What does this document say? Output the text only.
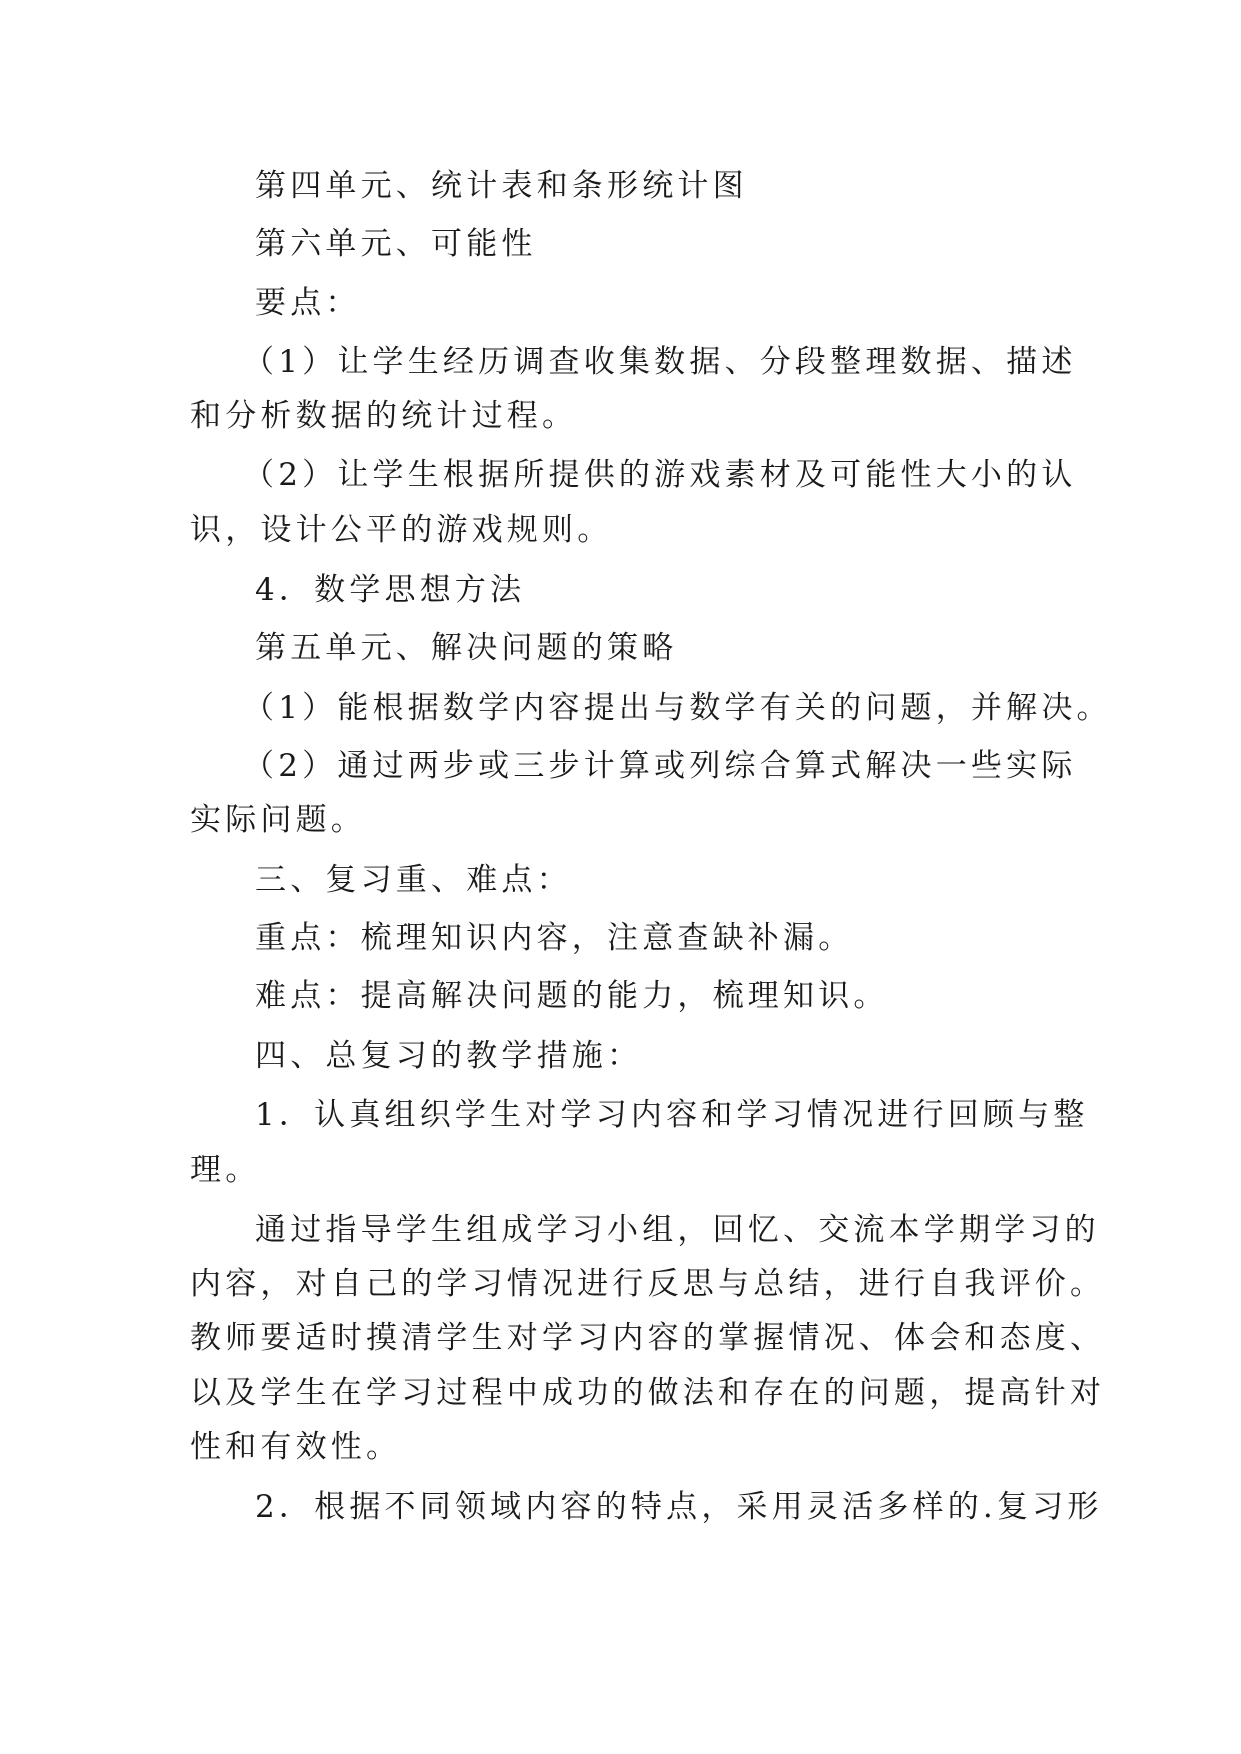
第四单元、统计表和条形统计图
第六单元、可能性
要点：
（1）让学生经历调查收集数据、分段整理数据、描述
和分析数据的统计过程。
（2）让学生根据所提供的游戏素材及可能性大小的认
识，设计公平的游戏规则。
4．数学思想方法
第五单元、解决问题的策略
（1）能根据数学内容提出与数学有关的问题，并解决。
（2）通过两步或三步计算或列综合算式解决一些实际
实际问题。
三、复习重、难点：
重点：梳理知识内容，注意查缺补漏。
难点：提高解决问题的能力，梳理知识。
四、总复习的教学措施：
1．认真组织学生对学习内容和学习情况进行回顾与整
理。
通过指导学生组成学习小组，回忆、交流本学期学习的
内容，对自己的学习情况进行反思与总结，进行自我评价。
教师要适时摸清学生对学习内容的掌握情况、体会和态度、
以及学生在学习过程中成功的做法和存在的问题，提高针对
性和有效性。
2．根据不同领域内容的特点，采用灵活多样的.复习形
